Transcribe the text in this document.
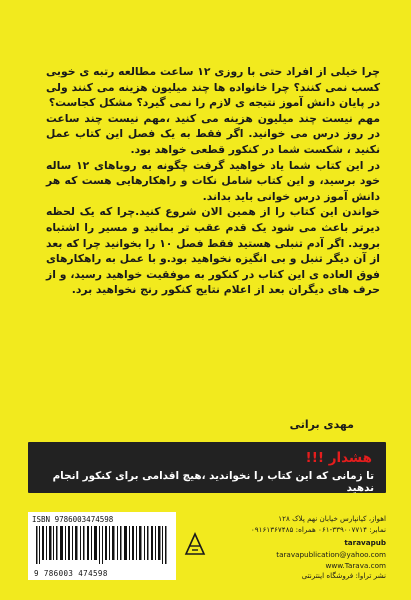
چرا خیلی از افراد حتی با روزی ۱۲ ساعت مطالعه رتبه ی خوبی کسب نمی کنند؟ چرا خانواده ها چند میلیون هزینه می کنند ولی در پایان دانش آموز نتیجه ی لازم را نمی گیرد؟ مشکل کجاست؟

مهم نیست چند میلیون هزینه می کنید ،مهم نیست چند ساعت در روز درس می خوانید. اگر فقط به یک فصل این کتاب عمل نکنید ، شکست شما در کنکور قطعی خواهد بود.

در این کتاب شما یاد خواهید گرفت چگونه به رویاهای ۱۲ ساله خود برسید، و این کتاب شامل نکات و راهکارهایی هست که هر دانش آموز درس خوانی باید بداند.

خواندن این کتاب را از همین الان شروع کنید.چرا که یک لحظه دیرتر باعث می شود یک قدم عقب تر بمانید و مسیر را اشتباه بروید. اگر آدم تنبلی هستید فقط فصل ۱۰ را بخوانید چرا که بعد از آن دیگر تنبل و بی انگیزه نخواهید بود.و با عمل به راهکارهای فوق العاده ی این کتاب در کنکور به موفقیت خواهید رسید، و از حرف های دیگران بعد از اعلام نتایج کنکور رنج نخواهید برد.

مهدی براتی
هشدار !!!
تا زمانی که این کتاب را نخواندید ،هیچ اقدامی برای کنکور انجام ندهید
ISBN 9786003474598
9 786003 474598
اهواز، کیانپارس خیابان نهم پلاک ۱۲۸
نمابر: ۳۳۹۰۰۷۷۱۴-۰۶۱ همراه: ۰۹۱۶۱۳۶۷۴۸۵
taravapub
taravapublication@yahoo.com
www.Tarava.com
نشر تراوا: فروشگاه اینترنتی
